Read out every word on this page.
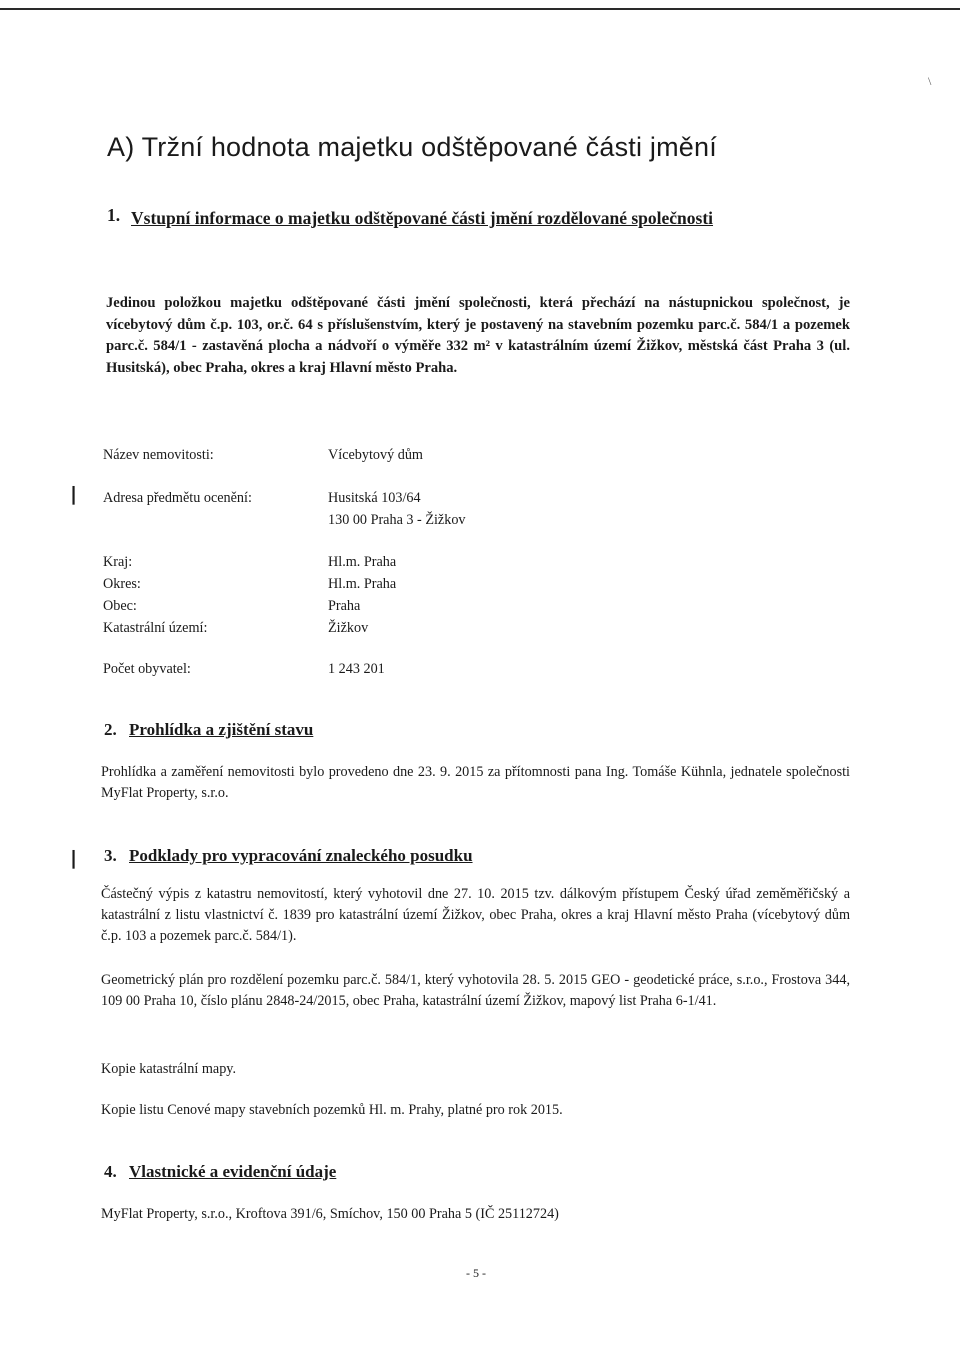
\
A) Tržní hodnota majetku odštěpované části jmění
1. Vstupní informace o majetku odštěpované části jmění rozdělované společnosti
Jedinou položkou majetku odštěpované části jmění společnosti, která přechází na nástupnickou společnost, je vícebytový dům č.p. 103, or.č. 64 s příslušenstvím, který je postavený na stavebním pozemku parc.č. 584/1 a pozemek parc.č. 584/1 - zastavěná plocha a nádvoří o výměře 332 m² v katastrálním území Žižkov, městská část Praha 3 (ul. Husitská), obec Praha, okres a kraj Hlavní město Praha.
❘
Název nemovitosti:	Vícebytový dům
Adresa předmětu ocenění:	Husitská 103/64
130 00 Praha 3 - Žižkov
Kraj:	Hl.m. Praha
Okres:	Hl.m. Praha
Obec:	Praha
Katastrální území:	Žižkov
Počet obyvatel:	1 243 201
2. Prohlídka a zjištění stavu
Prohlídka a zaměření nemovitosti bylo provedeno dne 23. 9. 2015 za přítomnosti pana Ing. Tomáše Kühnla, jednatele společnosti MyFlat Property, s.r.o.
❘ 3. Podklady pro vypracování znaleckého posudku
Částečný výpis z katastru nemovitostí, který vyhotovil dne 27. 10. 2015 tzv. dálkovým přístupem Český úřad zeměměřičský a katastrální z listu vlastnictví č. 1839 pro katastrální území Žižkov, obec Praha, okres a kraj Hlavní město Praha (vícebytový dům č.p. 103 a pozemek parc.č. 584/1).
Geometrický plán pro rozdělení pozemku parc.č. 584/1, který vyhotovila 28. 5. 2015 GEO - geodetické práce, s.r.o., Frostova 344, 109 00 Praha 10, číslo plánu 2848-24/2015, obec Praha, katastrální území Žižkov, mapový list Praha 6-1/41.
Kopie katastrální mapy.
Kopie listu Cenové mapy stavebních pozemků Hl. m. Prahy, platné pro rok 2015.
4. Vlastnické a evidenční údaje
MyFlat Property, s.r.o., Kroftova 391/6, Smíchov, 150 00 Praha 5 (IČ 25112724)
- 5 -
